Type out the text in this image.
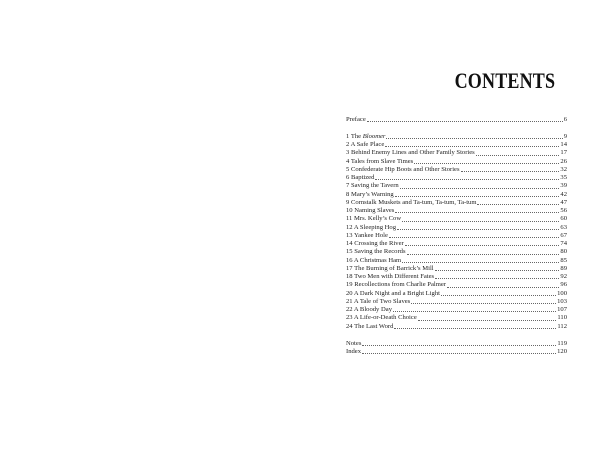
CONTENTS
Preface	6
1 The Bloomer	9
2 A Safe Place	14
3 Behind Enemy Lines and Other Family Stories	17
4 Tales from Slave Times	26
5 Confederate Hip Boots and Other Stories	32
6 Baptized	35
7 Saving the Tavern	39
8 Mary’s Warning	42
9 Cornstalk Muskets and Ta-tum, Ta-tum, Ta-tum	47
10 Naming Slaves	56
11 Mrs. Kelly’s Cow	60
12 A Sleeping Hog	63
13 Yankee Hole	67
14 Crossing the River	74
15 Saving the Records	80
16 A Christmas Ham	85
17 The Burning of Barrick’s Mill	89
18 Two Men with Different Fates	92
19 Recollections from Charlie Palmer	96
20 A Dark Night and a Bright Light	100
21 A Tale of Two Slaves	103
22 A Bloody Day	107
23 A Life-or-Death Choice	110
24 The Last Word	112
Notes	119
Index	120
